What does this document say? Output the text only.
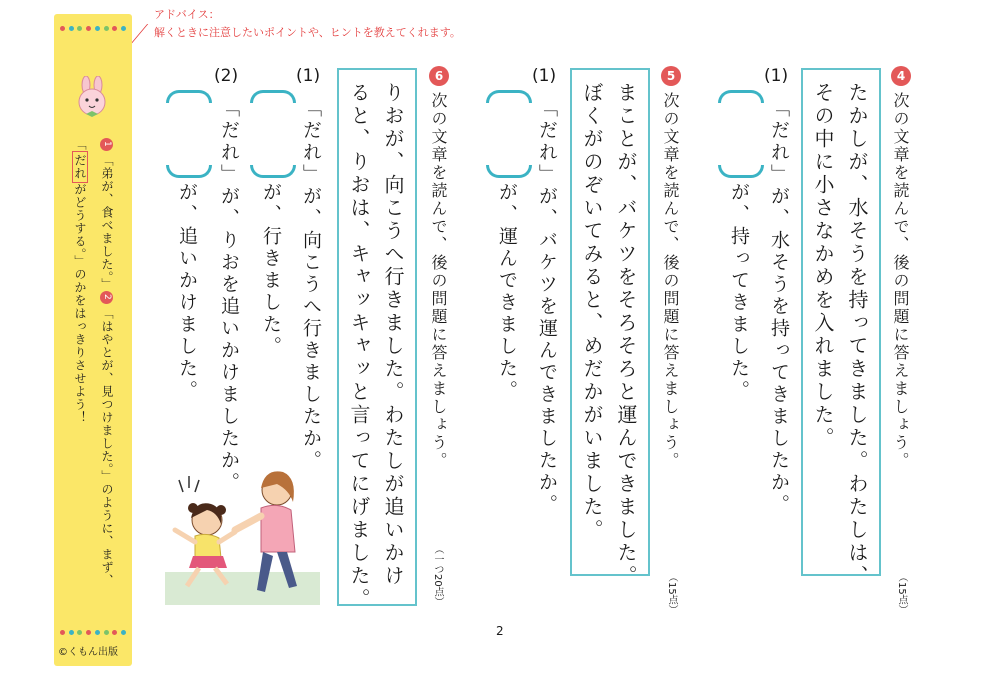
アドバイス：
解くときに注意したいポイントや、ヒントを教えてくれます。
1「弟が、食べました。」2「はやとが、見つけました。」のように、まず、
「だれがどうする。」のかをはっきりさせよう！
©くもん出版
4
次の文章を読んで、後の問題に答えましょう。
（15点）
たかしが、水そうを持ってきました。わたしは、
その中に小さなかめを入れました。
(1)
「だれ」が、水そうを持ってきましたか。
が、持ってきました。
5
次の文章を読んで、後の問題に答えましょう。
（15点）
まことが、バケツをそろそろと運んできました。
ぼくがのぞいてみると、めだかがいました。
(1)
「だれ」が、バケツを運んできましたか。
が、運んできました。
6
次の文章を読んで、後の問題に答えましょう。
（一つ20点）
りおが、向こうへ行きました。わたしが追いかけ
ると、りおは、キャッキャッと言ってにげました。
(1)
「だれ」が、向こうへ行きましたか。
が、行きました。
(2)
「だれ」が、りおを追いかけましたか。
が、追いかけました。
2
